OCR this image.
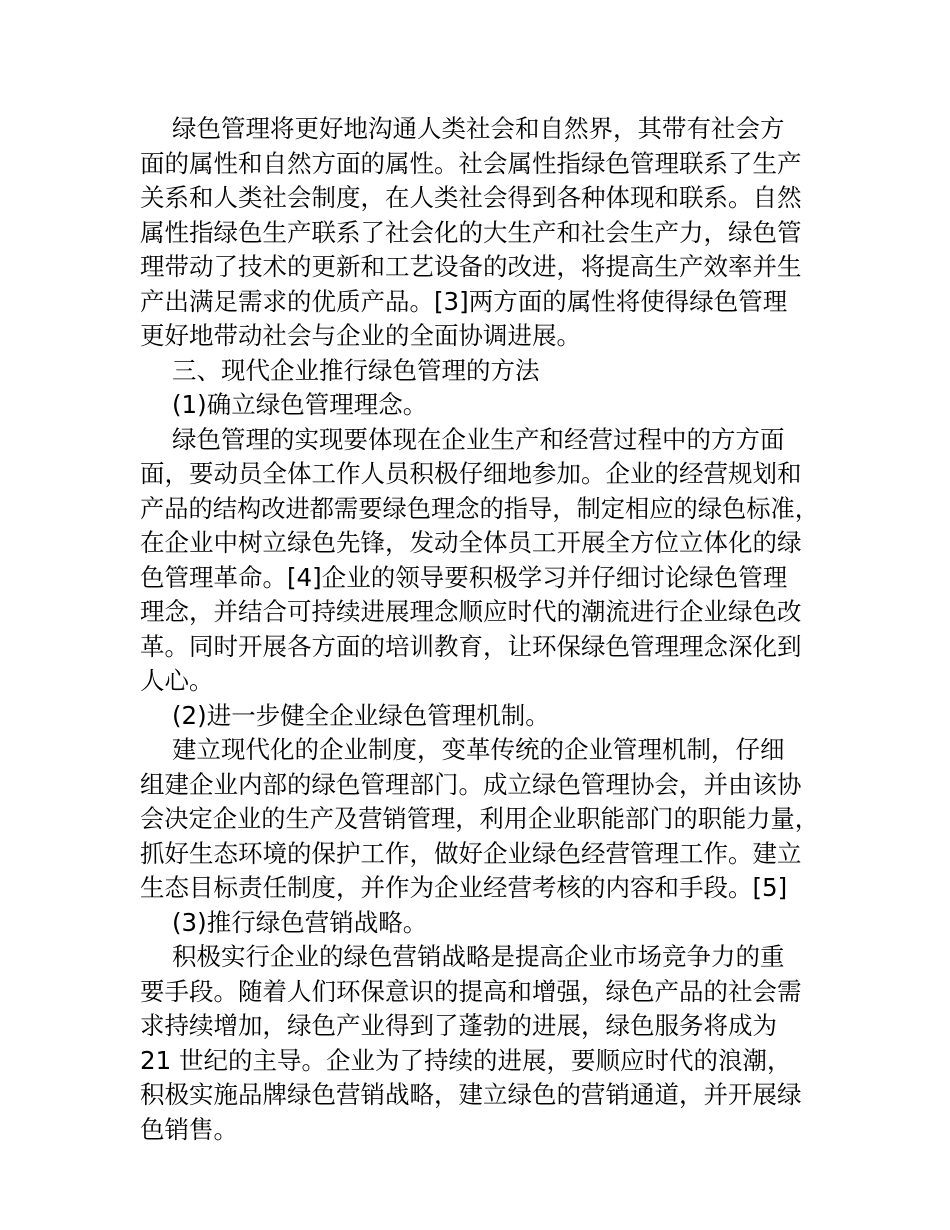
绿色管理将更好地沟通人类社会和自然界，其带有社会方
面的属性和自然方面的属性。社会属性指绿色管理联系了生产
关系和人类社会制度，在人类社会得到各种体现和联系。自然
属性指绿色生产联系了社会化的大生产和社会生产力，绿色管
理带动了技术的更新和工艺设备的改进，将提高生产效率并生
产出满足需求的优质产品。[3]两方面的属性将使得绿色管理
更好地带动社会与企业的全面协调进展。
三、现代企业推行绿色管理的方法
(1)确立绿色管理理念。
绿色管理的实现要体现在企业生产和经营过程中的方方面
面，要动员全体工作人员积极仔细地参加。企业的经营规划和
产品的结构改进都需要绿色理念的指导，制定相应的绿色标准，
在企业中树立绿色先锋，发动全体员工开展全方位立体化的绿
色管理革命。[4]企业的领导要积极学习并仔细讨论绿色管理
理念，并结合可持续进展理念顺应时代的潮流进行企业绿色改
革。同时开展各方面的培训教育，让环保绿色管理理念深化到
人心。
(2)进一步健全企业绿色管理机制。
建立现代化的企业制度，变革传统的企业管理机制，仔细
组建企业内部的绿色管理部门。成立绿色管理协会，并由该协
会决定企业的生产及营销管理，利用企业职能部门的职能力量，
抓好生态环境的保护工作，做好企业绿色经营管理工作。建立
生态目标责任制度，并作为企业经营考核的内容和手段。[5]
(3)推行绿色营销战略。
积极实行企业的绿色营销战略是提高企业市场竞争力的重
要手段。随着人们环保意识的提高和增强，绿色产品的社会需
求持续增加，绿色产业得到了蓬勃的进展，绿色服务将成为
21 世纪的主导。企业为了持续的进展，要顺应时代的浪潮，
积极实施品牌绿色营销战略，建立绿色的营销通道，并开展绿
色销售。
